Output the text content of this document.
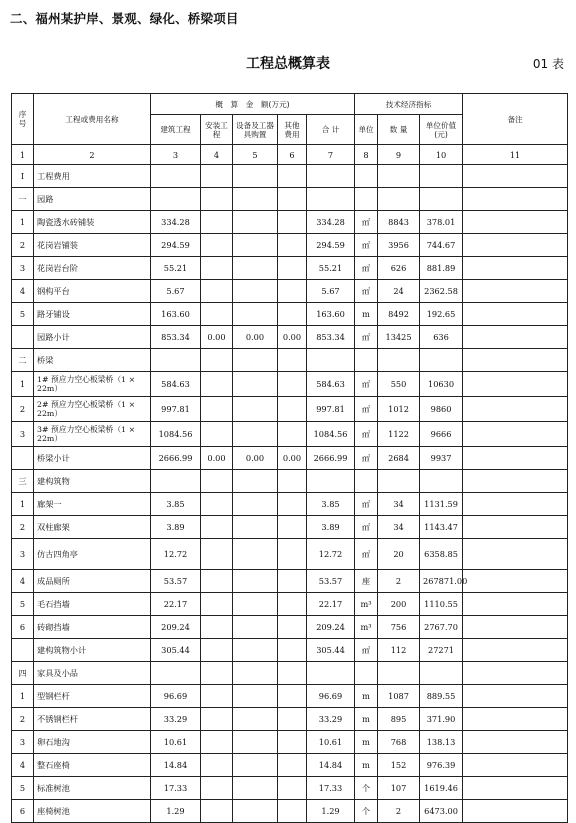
二、福州某护岸、景观、绿化、桥梁项目
工程总概算表	01 表
序号	工程或费用名称	概　算　金　额(万元)					技术经济指标			备注
		建筑工程	安装工程	设备及工器具购置	其他费用	合 计	单位	数 量	单位价值(元)	
1	2	3	4	5	6	7	8	9	10	11
Ⅰ	工程费用									
一	园路									
1	陶瓷透水砖铺装	334.28				334.28	㎡	8843	378.01	
2	花岗岩铺装	294.59				294.59	㎡	3956	744.67	
3	花岗岩台阶	55.21				55.21	㎡	626	881.89	
4	钢构平台	5.67				5.67	㎡	24	2362.58	
5	路牙铺设	163.60				163.60	m	8492	192.65	
	园路小计	853.34	0.00	0.00	0.00	853.34	㎡	13425	636	
二	桥梁									
1	1# 预应力空心板梁桥（1 × 22m）	584.63				584.63	㎡	550	10630	
2	2# 预应力空心板梁桥（1 × 22m）	997.81				997.81	㎡	1012	9860	
3	3# 预应力空心板梁桥（1 × 22m）	1084.56				1084.56	㎡	1122	9666	
	桥梁小计	2666.99	0.00	0.00	0.00	2666.99	㎡	2684	9937	
三	建构筑物									
1	廊架一	3.85				3.85	㎡	34	1131.59	
2	双柱廊架	3.89				3.89	㎡	34	1143.47	
3	仿古四角亭	12.72				12.72	㎡	20	6358.85	
4	成品厕所	53.57				53.57	座	2	267871.00	
5	毛石挡墙	22.17				22.17	m³	200	1110.55	
6	砖砌挡墙	209.24				209.24	m³	756	2767.70	
	建构筑物小计	305.44				305.44	㎡	112	27271	
四	家具及小品									
1	型钢栏杆	96.69				96.69	m	1087	889.55	
2	不锈钢栏杆	33.29				33.29	m	895	371.90	
3	卵石地沟	10.61				10.61	m	768	138.13	
4	整石座椅	14.84				14.84	m	152	976.39	
5	标准树池	17.33				17.33	个	107	1619.46	
6	座椅树池	1.29				1.29	个	2	6473.00	
